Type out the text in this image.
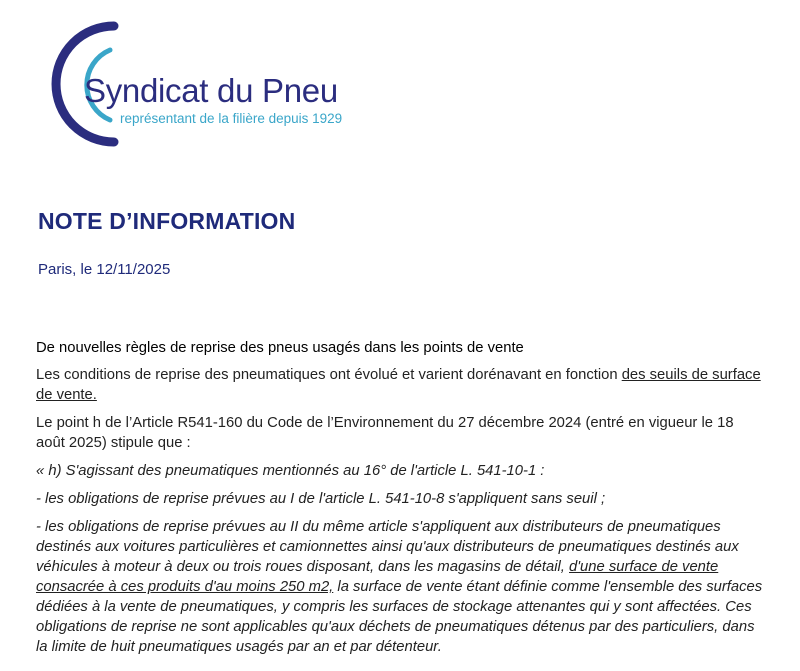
Syndicat du Pneu
représentant de la filière depuis 1929
NOTE D’INFORMATION
Paris, le 12/11/2025

De nouvelles règles de reprise des pneus usagés dans les points de vente

Les conditions de reprise des pneumatiques ont évolué et varient dorénavant en fonction des seuils de surface de vente.

Le point h de l’Article R541-160 du Code de l’Environnement du 27 décembre 2024 (entré en vigueur le 18 août 2025) stipule que :

« h) S'agissant des pneumatiques mentionnés au 16° de l'article L. 541-10-1 :

- les obligations de reprise prévues au I de l'article L. 541-10-8 s'appliquent sans seuil ;

- les obligations de reprise prévues au II du même article s'appliquent aux distributeurs de pneumatiques destinés aux voitures particulières et camionnettes ainsi qu'aux distributeurs de pneumatiques destinés aux véhicules à moteur à deux ou trois roues disposant, dans les magasins de détail, d'une surface de vente consacrée à ces produits d'au moins 250 m2, la surface de vente étant définie comme l'ensemble des surfaces dédiées à la vente de pneumatiques, y compris les surfaces de stockage attenantes qui y sont affectées. Ces obligations de reprise ne sont applicables qu'aux déchets de pneumatiques détenus par des particuliers, dans la limite de huit pneumatiques usagés par an et par détenteur.
